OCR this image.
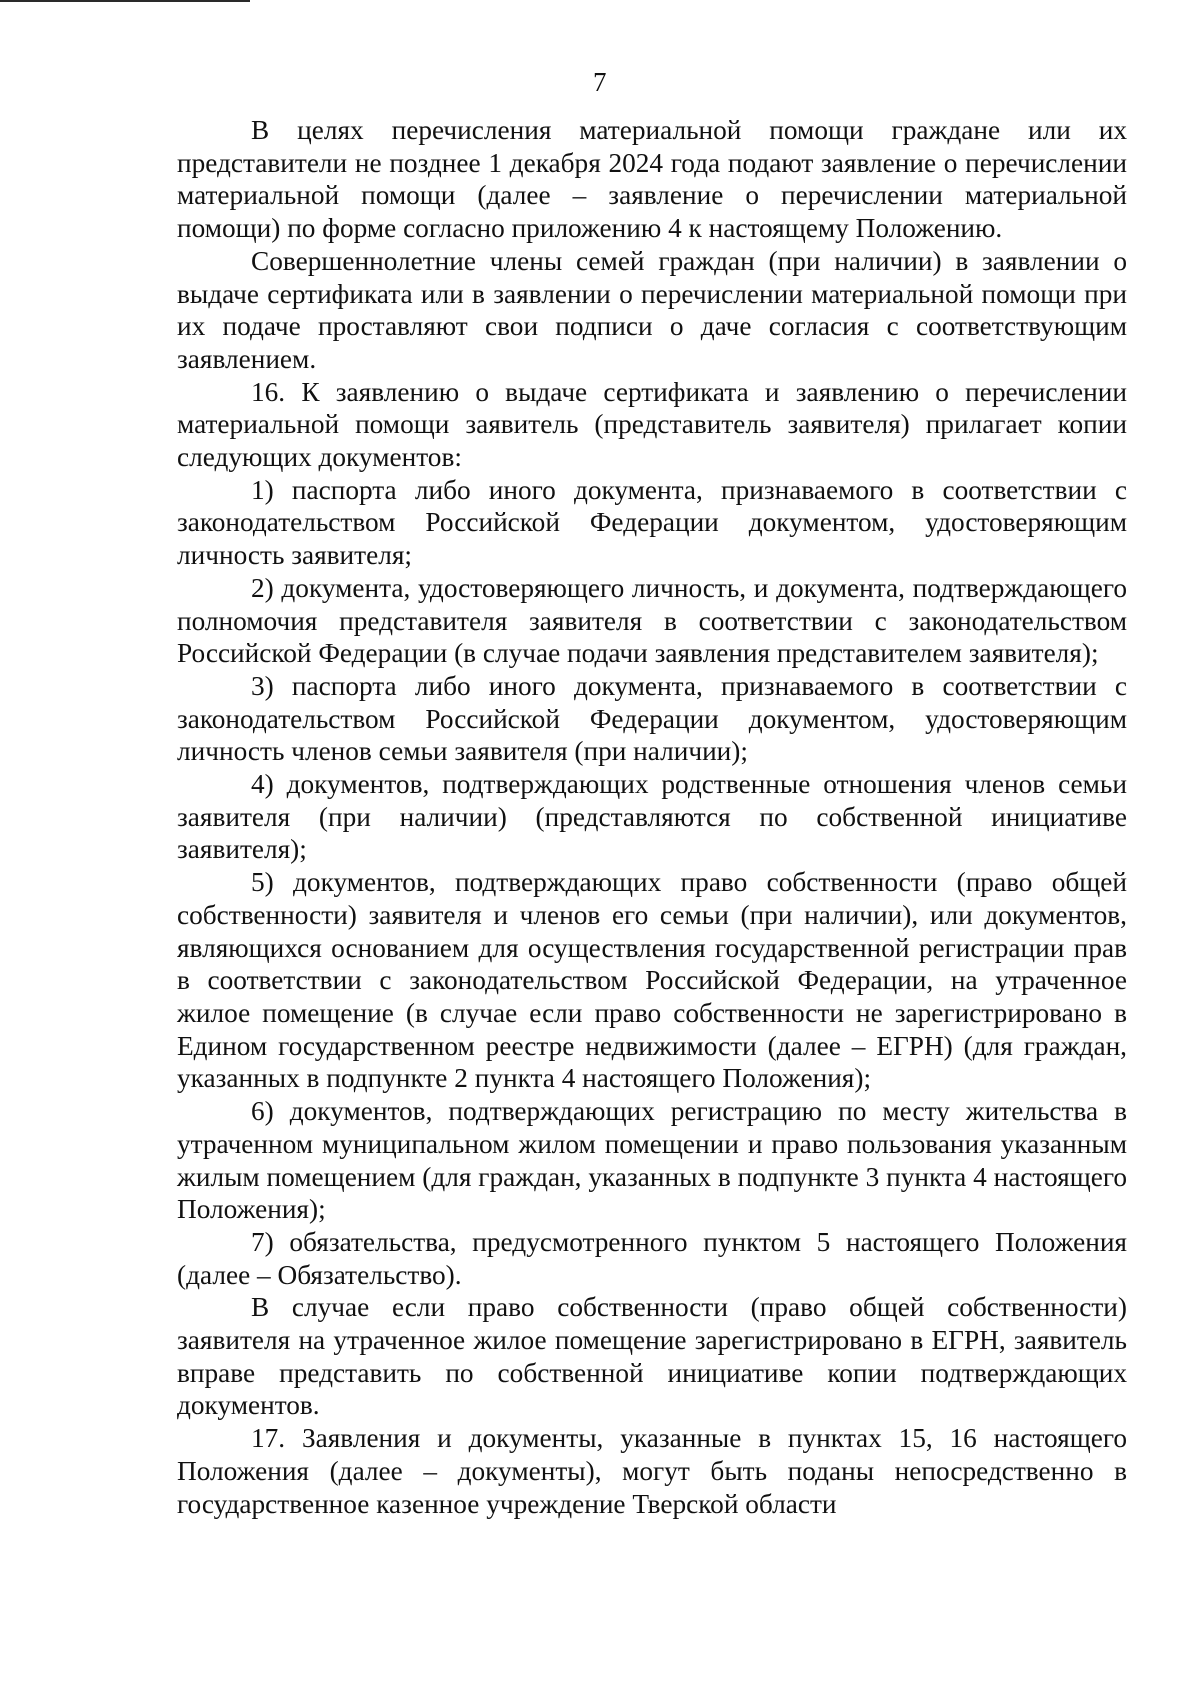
7

В целях перечисления материальной помощи граждане или их представители не позднее 1 декабря 2024 года подают заявление о перечислении материальной помощи (далее – заявление о перечислении материальной помощи) по форме согласно приложению 4 к настоящему Положению.

Совершеннолетние члены семей граждан (при наличии) в заявлении о выдаче сертификата или в заявлении о перечислении материальной помощи при их подаче проставляют свои подписи о даче согласия с соответствующим заявлением.

16. К заявлению о выдаче сертификата и заявлению о перечислении материальной помощи заявитель (представитель заявителя) прилагает копии следующих документов:

1) паспорта либо иного документа, признаваемого в соответствии с законодательством Российской Федерации документом, удостоверяющим личность заявителя;

2) документа, удостоверяющего личность, и документа, подтверждающего полномочия представителя заявителя в соответствии с законодательством Российской Федерации (в случае подачи заявления представителем заявителя);

3) паспорта либо иного документа, признаваемого в соответствии с законодательством Российской Федерации документом, удостоверяющим личность членов семьи заявителя (при наличии);

4) документов, подтверждающих родственные отношения членов семьи заявителя (при наличии) (представляются по собственной инициативе заявителя);

5) документов, подтверждающих право собственности (право общей собственности) заявителя и членов его семьи (при наличии), или документов, являющихся основанием для осуществления государственной регистрации прав в соответствии с законодательством Российской Федерации, на утраченное жилое помещение (в случае если право собственности не зарегистрировано в Едином государственном реестре недвижимости (далее – ЕГРН) (для граждан, указанных в подпункте 2 пункта 4 настоящего Положения);

6) документов, подтверждающих регистрацию по месту жительства в утраченном муниципальном жилом помещении и право пользования указанным жилым помещением (для граждан, указанных в подпункте 3 пункта 4 настоящего Положения);

7) обязательства, предусмотренного пунктом 5 настоящего Положения (далее – Обязательство).

В случае если право собственности (право общей собственности) заявителя на утраченное жилое помещение зарегистрировано в ЕГРН, заявитель вправе представить по собственной инициативе копии подтверждающих документов.

17. Заявления и документы, указанные в пунктах 15, 16 настоящего Положения (далее – документы), могут быть поданы непосредственно в государственное казенное учреждение Тверской области
